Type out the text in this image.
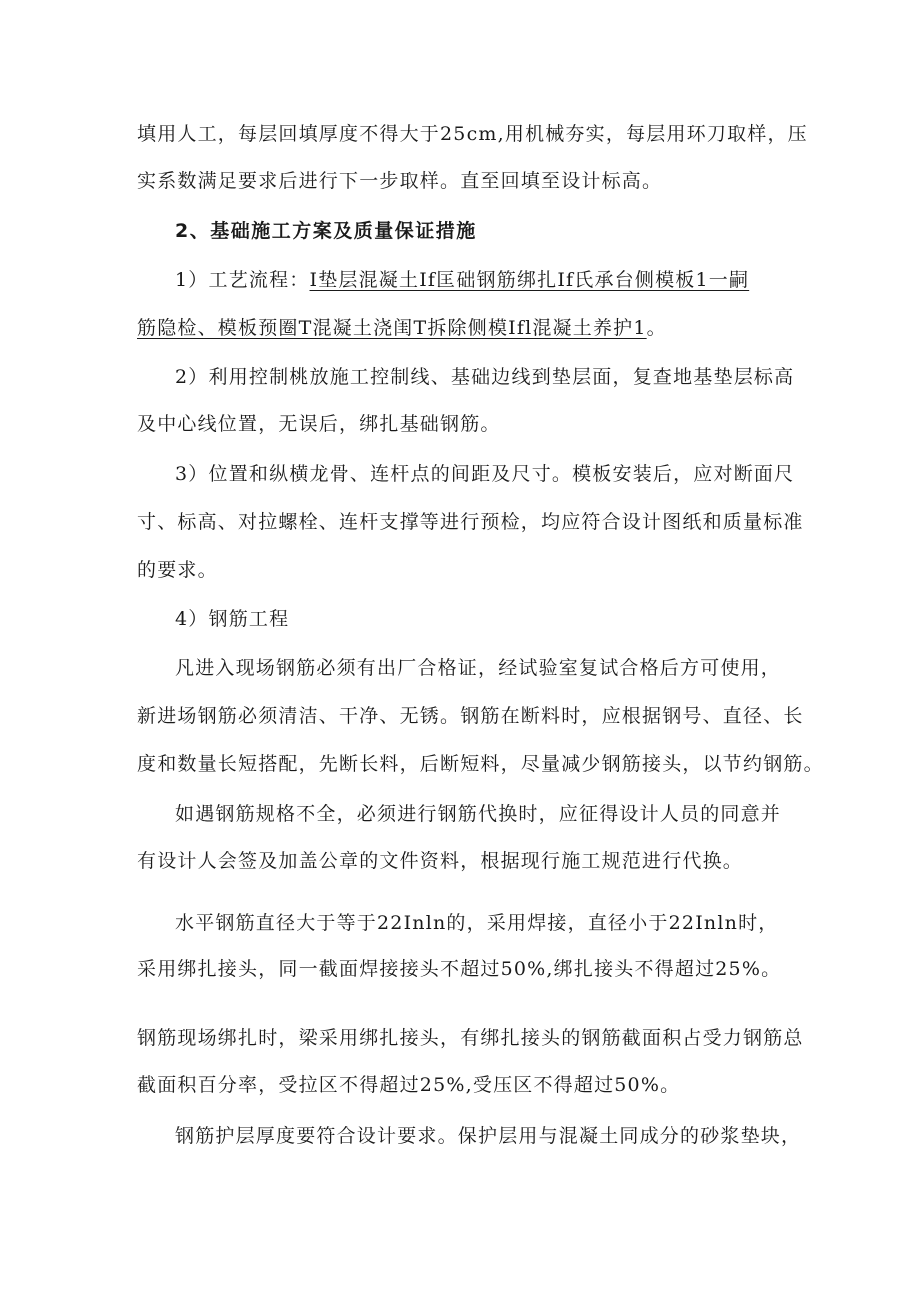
填用人工，每层回填厚度不得大于25cm,用机械夯实，每层用环刀取样，压
实系数满足要求后进行下一步取样。直至回填至设计标高。
2、基础施工方案及质量保证措施
1）工艺流程：I垫层混凝土If匡础钢筋绑扎If氏承台侧模板1一嗣
筋隐检、模板预圈T混凝土浇闺T拆除侧模Ifl混凝土养护1。
2）利用控制桃放施工控制线、基础边线到垫层面，复查地基垫层标高
及中心线位置，无误后，绑扎基础钢筋。
3）位置和纵横龙骨、连杆点的间距及尺寸。模板安装后，应对断面尺
寸、标高、对拉螺栓、连杆支撑等进行预检，均应符合设计图纸和质量标准
的要求。
4）钢筋工程
凡进入现场钢筋必须有出厂合格证，经试验室复试合格后方可使用，
新进场钢筋必须清洁、干净、无锈。钢筋在断料时，应根据钢号、直径、长
度和数量长短搭配，先断长料，后断短料，尽量减少钢筋接头，以节约钢筋。
如遇钢筋规格不全，必须进行钢筋代换时，应征得设计人员的同意并
有设计人会签及加盖公章的文件资料，根据现行施工规范进行代换。
水平钢筋直径大于等于22Inln的，采用焊接，直径小于22Inln时，
采用绑扎接头，同一截面焊接接头不超过50%,绑扎接头不得超过25%。
钢筋现场绑扎时，梁采用绑扎接头，有绑扎接头的钢筋截面积占受力钢筋总
截面积百分率，受拉区不得超过25%,受压区不得超过50%。
钢筋护层厚度要符合设计要求。保护层用与混凝土同成分的砂浆垫块，
